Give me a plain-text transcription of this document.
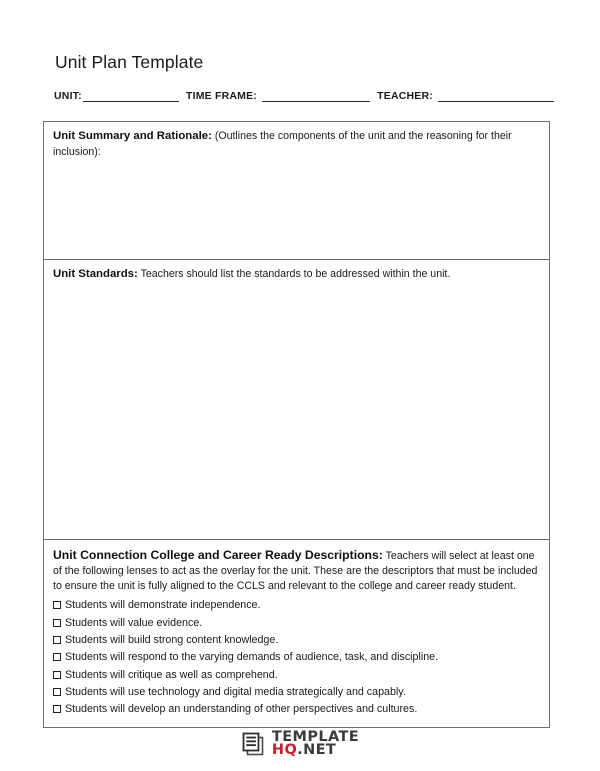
Unit Plan Template
UNIT:	TIME FRAME:	TEACHER:

Unit Summary and Rationale: (Outlines the components of the unit and the reasoning for their inclusion):

Unit Standards: Teachers should list the standards to be addressed within the unit.

Unit Connection College and Career Ready Descriptions: Teachers will select at least one of the following lenses to act as the overlay for the unit. These are the descriptors that must be included to ensure the unit is fully aligned to the CCLS and relevant to the college and career ready student.

Students will demonstrate independence.
Students will value evidence.
Students will build strong content knowledge.
Students will respond to the varying demands of audience, task, and discipline.
Students will critique as well as comprehend.
Students will use technology and digital media strategically and capably.
Students will develop an understanding of other perspectives and cultures.
TEMPLATE
HQ.NET
